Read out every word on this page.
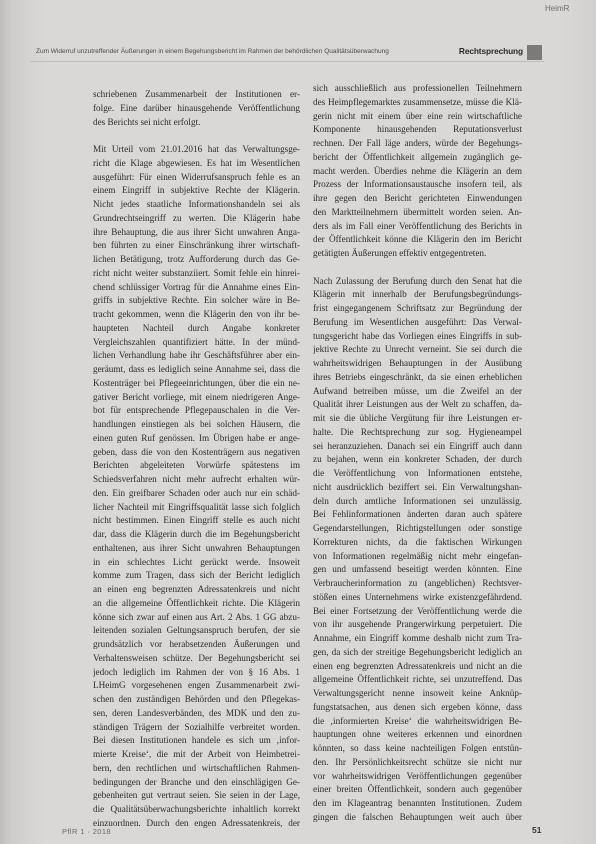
HeimR
Zum Widerruf unzutreffender Äußerungen in einem Begehungsbericht im Rahmen der behördlichen Qualitätsüberwachung	Rechtsprechung
schriebenen Zusammenarbeit der Institutionen er-
folge. Eine darüber hinausgehende Veröffentlichung
des Berichts sei nicht erfolgt.
Mit Urteil vom 21.01.2016 hat das Verwaltungsge-
richt die Klage abgewiesen. Es hat im Wesentlichen
ausgeführt: Für einen Widerrufsanspruch fehle es an
einem Eingriff in subjektive Rechte der Klägerin.
Nicht jedes staatliche Informationshandeln sei als
Grundrechtseingriff zu werten. Die Klägerin habe
ihre Behauptung, die aus ihrer Sicht unwahren Anga-
ben führten zu einer Einschränkung ihrer wirtschaft-
lichen Betätigung, trotz Aufforderung durch das Ge-
richt nicht weiter substanziiert. Somit fehle ein hinrei-
chend schlüssiger Vortrag für die Annahme eines Ein-
griffs in subjektive Rechte. Ein solcher wäre in Be-
tracht gekommen, wenn die Klägerin den von ihr be-
haupteten Nachteil durch Angabe konkreter
Vergleichszahlen quantifiziert hätte. In der münd-
lichen Verhandlung habe ihr Geschäftsführer aber ein-
geräumt, dass es lediglich seine Annahme sei, dass die
Kostenträger bei Pflegeeinrichtungen, über die ein ne-
gativer Bericht vorliege, mit einem niedrigeren Ange-
bot für entsprechende Pflegepauschalen in die Ver-
handlungen einstiegen als bei solchen Häusern, die
einen guten Ruf genössen. Im Übrigen habe er ange-
geben, dass die von den Kostenträgern aus negativen
Berichten abgeleiteten Vorwürfe spätestens im
Schiedsverfahren nicht mehr aufrecht erhalten wür-
den. Ein greifbarer Schaden oder auch nur ein schäd-
licher Nachteil mit Eingriffsqualität lasse sich folglich
nicht bestimmen. Einen Eingriff stelle es auch nicht
dar, dass die Klägerin durch die im Begehungsbericht
enthaltenen, aus ihrer Sicht unwahren Behauptungen
in ein schlechtes Licht gerückt werde. Insoweit
komme zum Tragen, dass sich der Bericht lediglich
an einen eng begrenzten Adressatenkreis und nicht
an die allgemeine Öffentlichkeit richte. Die Klägerin
könne sich zwar auf einen aus Art. 2 Abs. 1 GG abzu-
leitenden sozialen Geltungsanspruch berufen, der sie
grundsätzlich vor herabsetzenden Äußerungen und
Verhaltensweisen schütze. Der Begehungsbericht sei
jedoch lediglich im Rahmen der von § 16 Abs. 1
LHeimG vorgesehenen engen Zusammenarbeit zwi-
schen den zuständigen Behörden und den Pflegekas-
sen, deren Landesverbänden, des MDK und den zu-
ständigen Trägern der Sozialhilfe verbreitet worden.
Bei diesen Institutionen handele es sich um ‚infor-
mierte Kreise‘, die mit der Arbeit von Heimbetrei-
bern, den rechtlichen und wirtschaftlichen Rahmen-
bedingungen der Branche und den einschlägigen Ge-
gebenheiten gut vertraut seien. Sie seien in der Lage,
die Qualitätsüberwachungsberichte inhaltlich korrekt
einzuordnen. Durch den engen Adressatenkreis, der
sich ausschließlich aus professionellen Teilnehmern
des Heimpflegemarktes zusammensetze, müsse die Klä-
gerin nicht mit einem über eine rein wirtschaftliche
Komponente hinausgehenden Reputationsverlust
rechnen. Der Fall läge anders, würde der Begehungs-
bericht der Öffentlichkeit allgemein zugänglich ge-
macht werden. Überdies nehme die Klägerin an dem
Prozess der Informationsaustausche insofern teil, als
ihre gegen den Bericht gerichteten Einwendungen
den Marktteilnehmern übermittelt worden seien. An-
ders als im Fall einer Veröffentlichung des Berichts in
der Öffentlichkeit könne die Klägerin den im Bericht
getätigten Äußerungen effektiv entgegentreten.
Nach Zulassung der Berufung durch den Senat hat die
Klägerin mit innerhalb der Berufungsbegründungs-
frist eingegangenem Schriftsatz zur Begründung der
Berufung im Wesentlichen ausgeführt: Das Verwal-
tungsgericht habe das Vorliegen eines Eingriffs in sub-
jektive Rechte zu Unrecht verneint. Sie sei durch die
wahrheitswidrigen Behauptungen in der Ausübung
ihres Betriebs eingeschränkt, da sie einen erheblichen
Aufwand betreiben müsse, um die Zweifel an der
Qualität ihrer Leistungen aus der Welt zu schaffen, da-
mit sie die übliche Vergütung für ihre Leistungen er-
halte. Die Rechtsprechung zur sog. Hygieneampel
sei heranzuziehen. Danach sei ein Eingriff auch dann
zu bejahen, wenn ein konkreter Schaden, der durch
die Veröffentlichung von Informationen entstehe,
nicht ausdrücklich beziffert sei. Ein Verwaltungshan-
deln durch amtliche Informationen sei unzulässig.
Bei Fehlinformationen änderten daran auch spätere
Gegendarstellungen, Richtigstellungen oder sonstige
Korrekturen nichts, da die faktischen Wirkungen
von Informationen regelmäßig nicht mehr eingefan-
gen und umfassend beseitigt werden könnten. Eine
Verbraucherinformation zu (angeblichen) Rechtsver-
stößen eines Unternehmens wirke existenzgefährdend.
Bei einer Fortsetzung der Veröffentlichung werde die
von ihr ausgehende Prangerwirkung perpetuiert. Die
Annahme, ein Eingriff komme deshalb nicht zum Tra-
gen, da sich der streitige Begehungsbericht lediglich an
einen eng begrenzten Adressatenkreis und nicht an die
allgemeine Öffentlichkeit richte, sei unzutreffend. Das
Verwaltungsgericht nenne insoweit keine Anknüp-
fungstatsachen, aus denen sich ergeben könne, dass
die ‚informierten Kreise‘ die wahrheitswidrigen Be-
hauptungen ohne weiteres erkennen und einordnen
könnten, so dass keine nachteiligen Folgen entstün-
den. Ihr Persönlichkeitsrecht schütze sie nicht nur
vor wahrheitswidrigen Veröffentlichungen gegenüber
einer breiten Öffentlichkeit, sondern auch gegenüber
den im Klageantrag benannten Institutionen. Zudem
gingen die falschen Behauptungen weit auch über
PflR 1 · 2018	51
